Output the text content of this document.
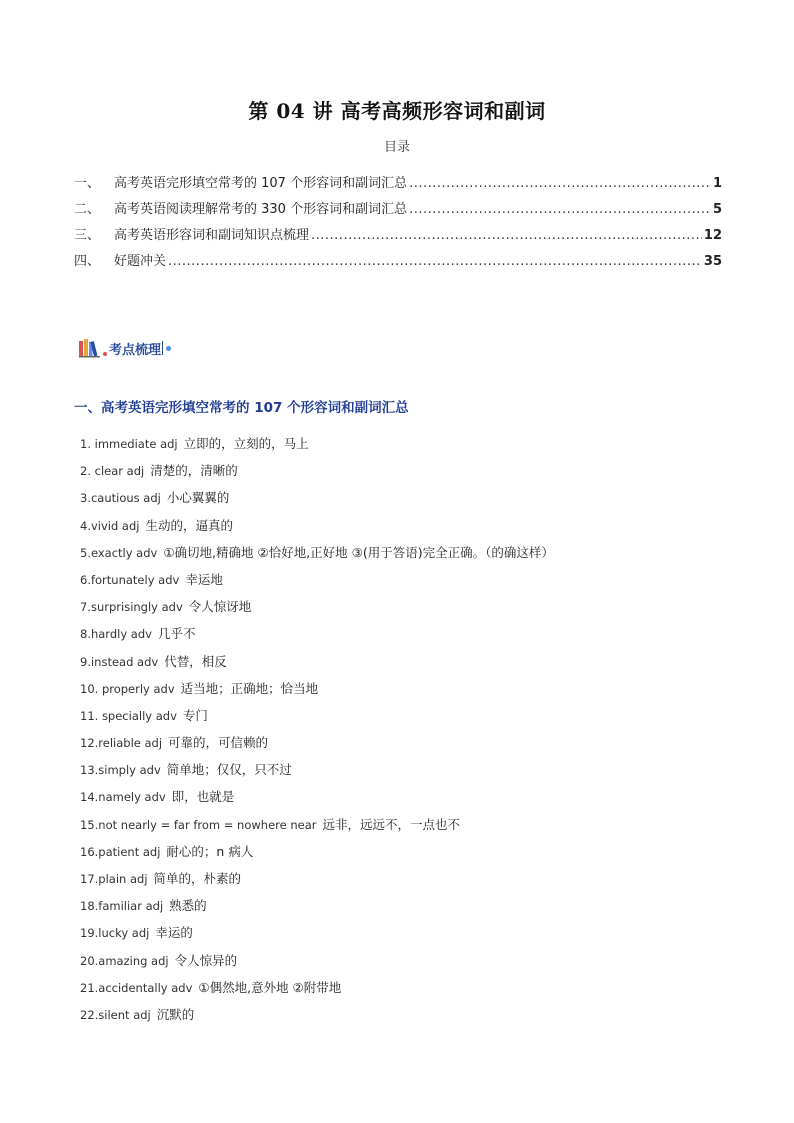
第 04 讲 高考高频形容词和副词
目录
一、	高考英语完形填空常考的 107 个形容词和副词汇总 .....	1
二、	高考英语阅读理解常考的 330 个形容词和副词汇总 .....	5
三、	高考英语形容词和副词知识点梳理 .....	12
四、	好题冲关 .....	35
考点梳理
一、高考英语完形填空常考的 107 个形容词和副词汇总
1. immediate adj 立即的，立刻的，马上
2. clear adj 清楚的，清晰的
3.cautious adj 小心翼翼的
4.vivid adj 生动的，逼真的
5.exactly adv ①确切地,精确地 ②恰好地,正好地 ③(用于答语)完全正确。（的确这样）
6.fortunately adv 幸运地
7.surprisingly adv 令人惊讶地
8.hardly adv 几乎不
9.instead adv 代替，相反
10. properly adv 适当地；正确地；恰当地
11. specially adv 专门
12.reliable adj 可靠的，可信赖的
13.simply adv 简单地；仅仅，只不过
14.namely adv 即，也就是
15.not nearly = far from = nowhere near 远非，远远不，一点也不
16.patient adj 耐心的；n 病人
17.plain adj 简单的，朴素的
18.familiar adj 熟悉的
19.lucky adj 幸运的
20.amazing adj 令人惊异的
21.accidentally adv ①偶然地,意外地 ②附带地
22.silent adj 沉默的
